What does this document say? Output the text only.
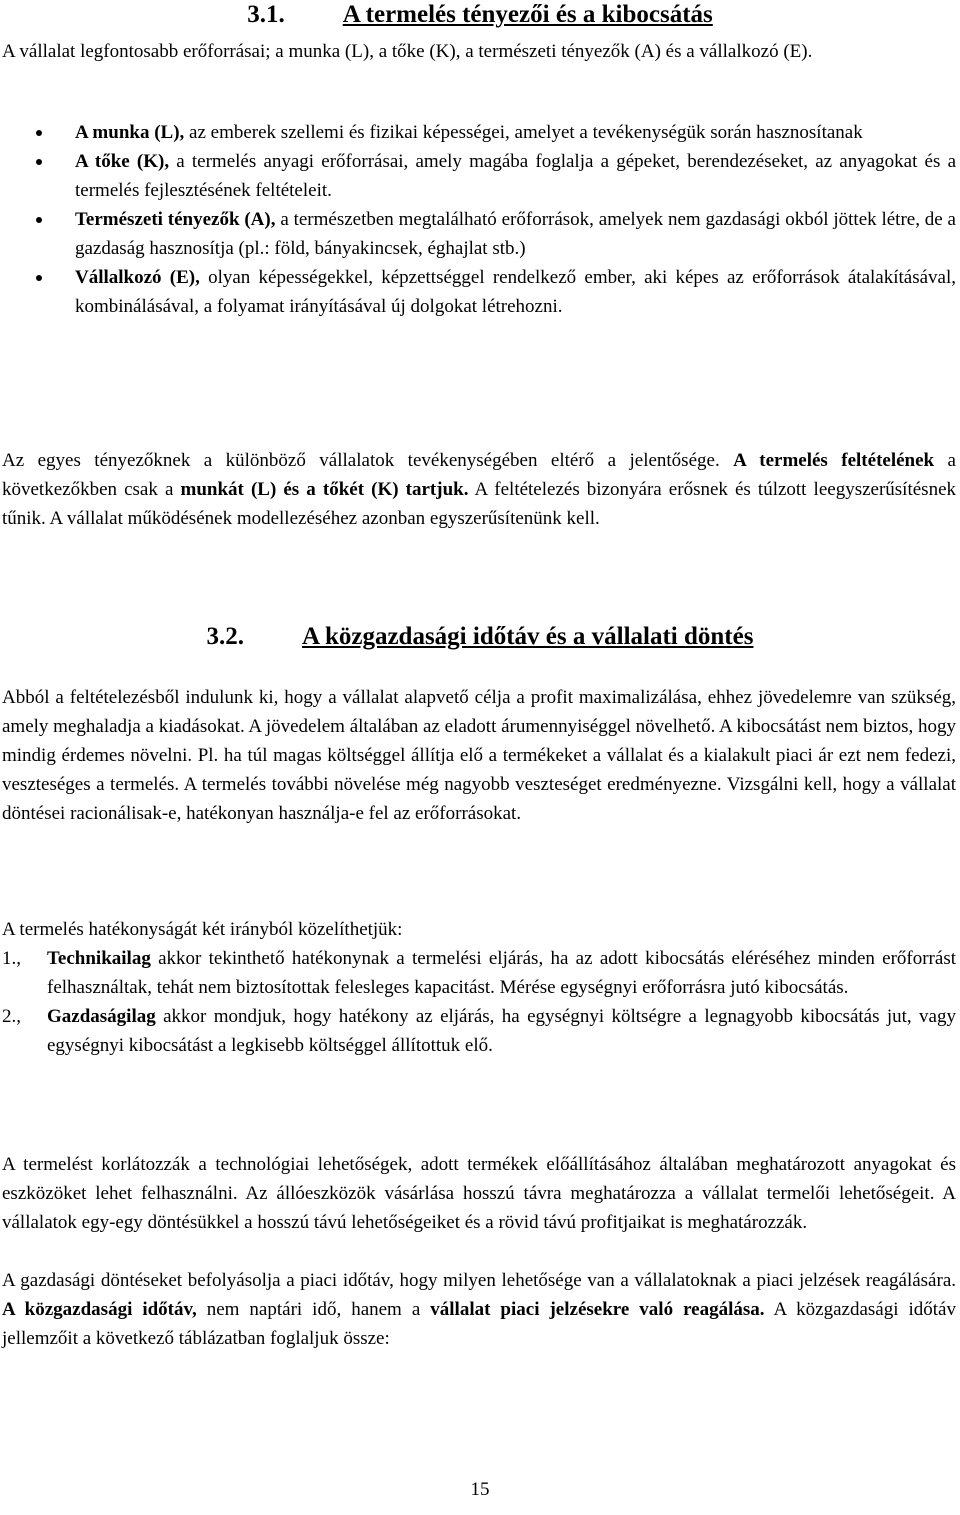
3.1. A termelés tényezői és a kibocsátás

A vállalat legfontosabb erőforrásai; a munka (L), a tőke (K), a természeti tényezők (A) és a vállalkozó (E).

A munka (L), az emberek szellemi és fizikai képességei, amelyet a tevékenységük során hasznosítanak
A tőke (K), a termelés anyagi erőforrásai, amely magába foglalja a gépeket, berendezéseket, az anyagokat és a termelés fejlesztésének feltételeit.
Természeti tényezők (A), a természetben megtalálható erőforrások, amelyek nem gazdasági okból jöttek létre, de a gazdaság hasznosítja (pl.: föld, bányakincsek, éghajlat stb.)
Vállalkozó (E), olyan képességekkel, képzettséggel rendelkező ember, aki képes az erőforrások átalakításával, kombinálásával, a folyamat irányításával új dolgokat létrehozni.

Az egyes tényezőknek a különböző vállalatok tevékenységében eltérő a jelentősége. A termelés feltételének a következőkben csak a munkát (L) és a tőkét (K) tartjuk. A feltételezés bizonyára erősnek és túlzott leegyszerűsítésnek tűnik. A vállalat működésének modellezéséhez azonban egyszerűsítenünk kell.

3.2. A közgazdasági időtáv és a vállalati döntés

Abból a feltételezésből indulunk ki, hogy a vállalat alapvető célja a profit maximalizálása, ehhez jövedelemre van szükség, amely meghaladja a kiadásokat. A jövedelem általában az eladott árumennyiséggel növelhető. A kibocsátást nem biztos, hogy mindig érdemes növelni. Pl. ha túl magas költséggel állítja elő a termékeket a vállalat és a kialakult piaci ár ezt nem fedezi, veszteséges a termelés. A termelés további növelése még nagyobb veszteséget eredményezne. Vizsgálni kell, hogy a vállalat döntései racionálisak-e, hatékonyan használja-e fel az erőforrásokat.

A termelés hatékonyságát két irányból közelíthetjük:

1., Technikailag akkor tekinthető hatékonynak a termelési eljárás, ha az adott kibocsátás eléréséhez minden erőforrást felhasználtak, tehát nem biztosítottak felesleges kapacitást. Mérése egységnyi erőforrásra jutó kibocsátás.

2., Gazdaságilag akkor mondjuk, hogy hatékony az eljárás, ha egységnyi költségre a legnagyobb kibocsátás jut, vagy egységnyi kibocsátást a legkisebb költséggel állítottuk elő.

A termelést korlátozzák a technológiai lehetőségek, adott termékek előállításához általában meghatározott anyagokat és eszközöket lehet felhasználni. Az állóeszközök vásárlása hosszú távra meghatározza a vállalat termelői lehetőségeit. A vállalatok egy-egy döntésükkel a hosszú távú lehetőségeiket és a rövid távú profitjaikat is meghatározzák.

A gazdasági döntéseket befolyásolja a piaci időtáv, hogy milyen lehetősége van a vállalatoknak a piaci jelzések reagálására. A közgazdasági időtáv, nem naptári idő, hanem a vállalat piaci jelzésekre való reagálása. A közgazdasági időtáv jellemzőit a következő táblázatban foglaljuk össze:

15
